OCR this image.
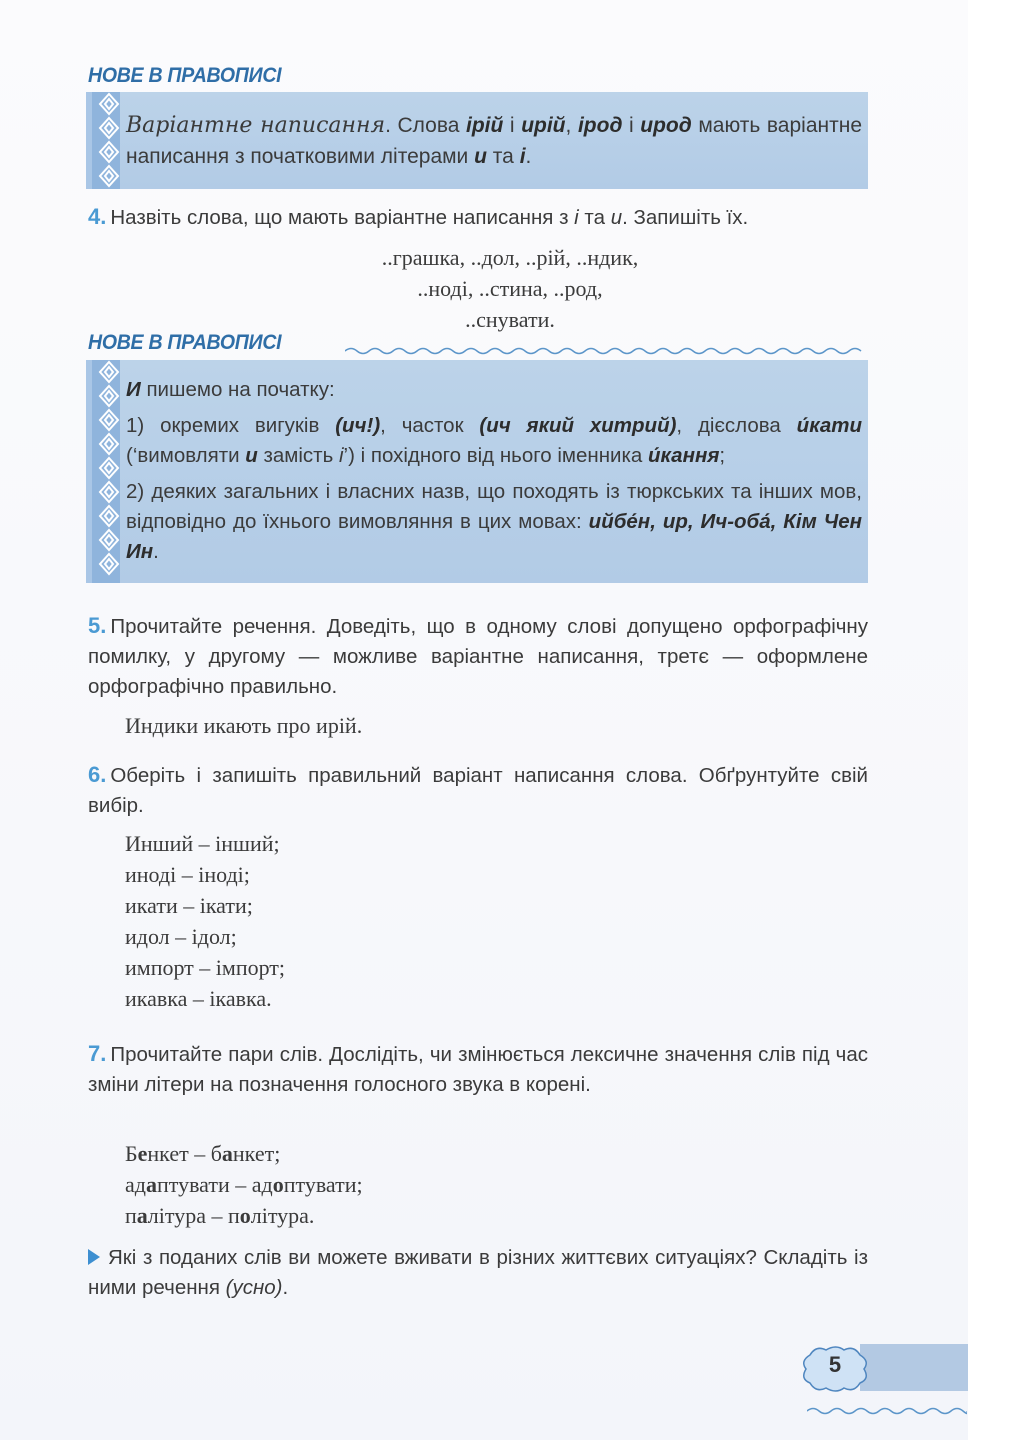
НОВЕ В ПРАВОПИСІ
Варіантне написання. Слова ірій і ирій, ірод і ирод мають варіантне написання з початковими літерами и та і.
4. Назвіть слова, що мають варіантне написання з і та и. Запишіть їх.
..грашка, ..дол, ..рій, ..ндик,
..ноді, ..стина, ..род,
..снувати.
НОВЕ В ПРАВОПИСІ

И пишемо на початку:

1) окремих вигуків (ич!), часток (ич який хитрий), дієслова и́кати (‘вимовляти и замість і’) і похідного від нього іменника и́кання;

2) деяких загальних і власних назв, що походять із тюркських та інших мов, відповідно до їхнього вимовляння в цих мовах: ийбе́н, ир, Ич-оба́, Кім Чен Ин.

5. Прочитайте речення. Доведіть, що в одному слові допущено орфографічну помилку, у другому — можливе варіантне написання, третє — оформлене орфографічно правильно.
Индики икають про ирій.
6. Оберіть і запишіть правильний варіант написання слова. Обґрунтуйте свій вибір.
Инший – інший;
иноді – іноді;
икати – ікати;
идол – ідол;
импорт – імпорт;
икавка – ікавка.
7. Прочитайте пари слів. Дослідіть, чи змінюється лексичне значення слів під час зміни літери на позначення голосного звука в корені.
Бенкет – банкет;
адаптувати – адоптувати;
палітура – політура.
Які з поданих слів ви можете вживати в різних життєвих ситуаціях? Складіть із ними речення (усно).
5
